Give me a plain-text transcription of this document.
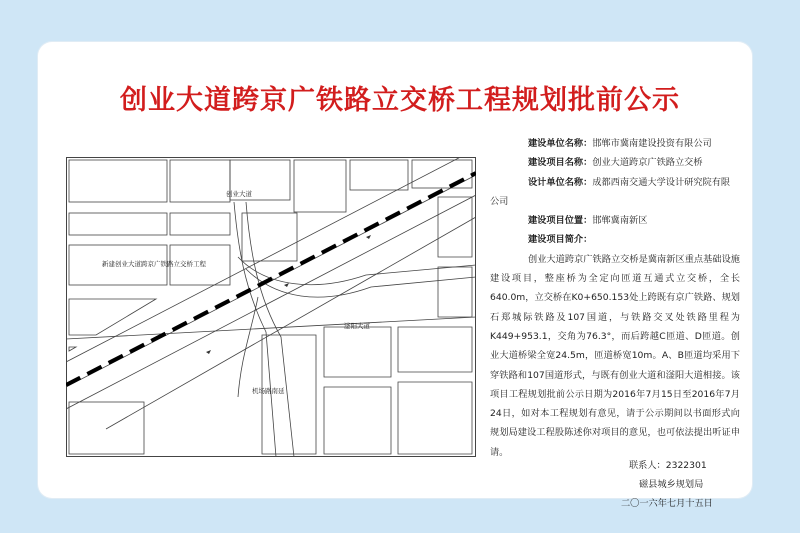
创业大道跨京广铁路立交桥工程规划批前公示
创业大道
新建创业大道跨京广铁路立交桥工程
滏阳大道
机场路南延
建设单位名称：邯郸市冀南建设投资有限公司
建设项目名称：创业大道跨京广铁路立交桥
设计单位名称：成都西南交通大学设计研究院有限
公司
建设项目位置：邯郸冀南新区
建设项目简介：
创业大道跨京广铁路立交桥是冀南新区重点基础设施建设项目，整座桥为全定向匝道互通式立交桥，全长640.0m，立交桥在K0+650.153处上跨既有京广铁路、规划石郑城际铁路及107国道，与铁路交叉处铁路里程为K449+953.1，交角为76.3°，而后跨越C匝道、D匝道。创业大道桥梁全宽24.5m，匝道桥宽10m。A、B匝道均采用下穿铁路和107国道形式，与既有创业大道和滏阳大道相接。该项目工程规划批前公示日期为2016年7月15日至2016年7月24日，如对本工程规划有意见，请于公示期间以书面形式向规划局建设工程股陈述你对项目的意见，也可依法提出听证申请。
联系人：2322301
磁县城乡规划局
二〇一六年七月十五日
